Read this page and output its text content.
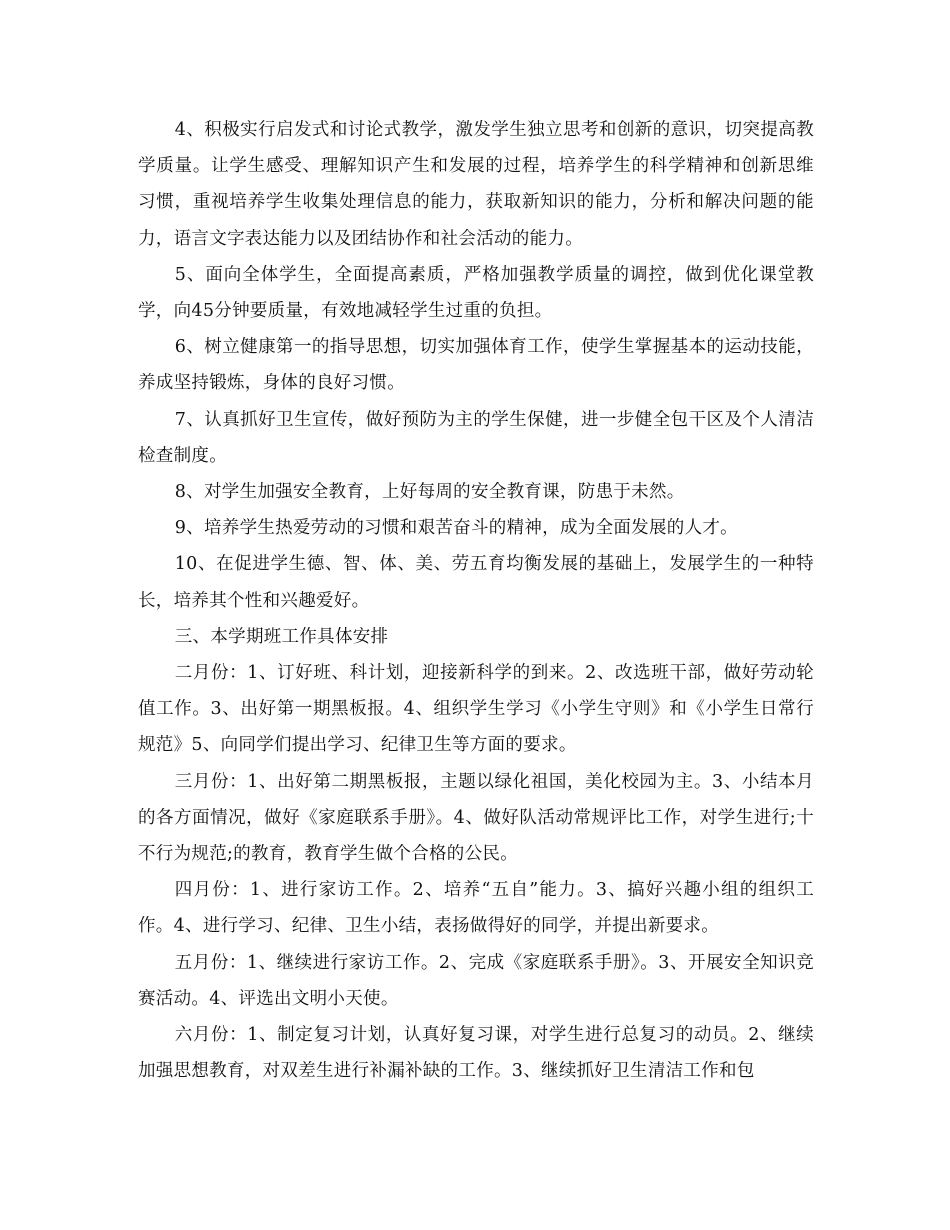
4、积极实行启发式和讨论式教学，激发学生独立思考和创新的意识，切突提高教学质量。让学生感受、理解知识产生和发展的过程，培养学生的科学精神和创新思维习惯，重视培养学生收集处理信息的能力，获取新知识的能力，分析和解决问题的能力，语言文字表达能力以及团结协作和社会活动的能力。

5、面向全体学生，全面提高素质，严格加强教学质量的调控，做到优化课堂教学，向45分钟要质量，有效地减轻学生过重的负担。

6、树立健康第一的指导思想，切实加强体育工作，使学生掌握基本的运动技能，养成坚持锻炼，身体的良好习惯。

7、认真抓好卫生宣传，做好预防为主的学生保健，进一步健全包干区及个人清洁检查制度。

8、对学生加强安全教育，上好每周的安全教育课，防患于未然。

9、培养学生热爱劳动的习惯和艰苦奋斗的精神，成为全面发展的人才。

10、在促进学生德、智、体、美、劳五育均衡发展的基础上，发展学生的一种特长，培养其个性和兴趣爱好。

三、本学期班工作具体安排

二月份：1、订好班、科计划，迎接新科学的到来。2、改选班干部，做好劳动轮值工作。3、出好第一期黑板报。4、组织学生学习《小学生守则》和《小学生日常行规范》5、向同学们提出学习、纪律卫生等方面的要求。

三月份：1、出好第二期黑板报，主题以绿化祖国，美化校园为主。3、小结本月的各方面情况，做好《家庭联系手册》。4、做好队活动常规评比工作，对学生进行;十不行为规范;的教育，教育学生做个合格的公民。

四月份：1、进行家访工作。2、培养“五自”能力。3、搞好兴趣小组的组织工作。4、进行学习、纪律、卫生小结，表扬做得好的同学，并提出新要求。

五月份：1、继续进行家访工作。2、完成《家庭联系手册》。3、开展安全知识竞赛活动。4、评选出文明小天使。

六月份：1、制定复习计划，认真好复习课，对学生进行总复习的动员。2、继续加强思想教育，对双差生进行补漏补缺的工作。3、继续抓好卫生清洁工作和包
